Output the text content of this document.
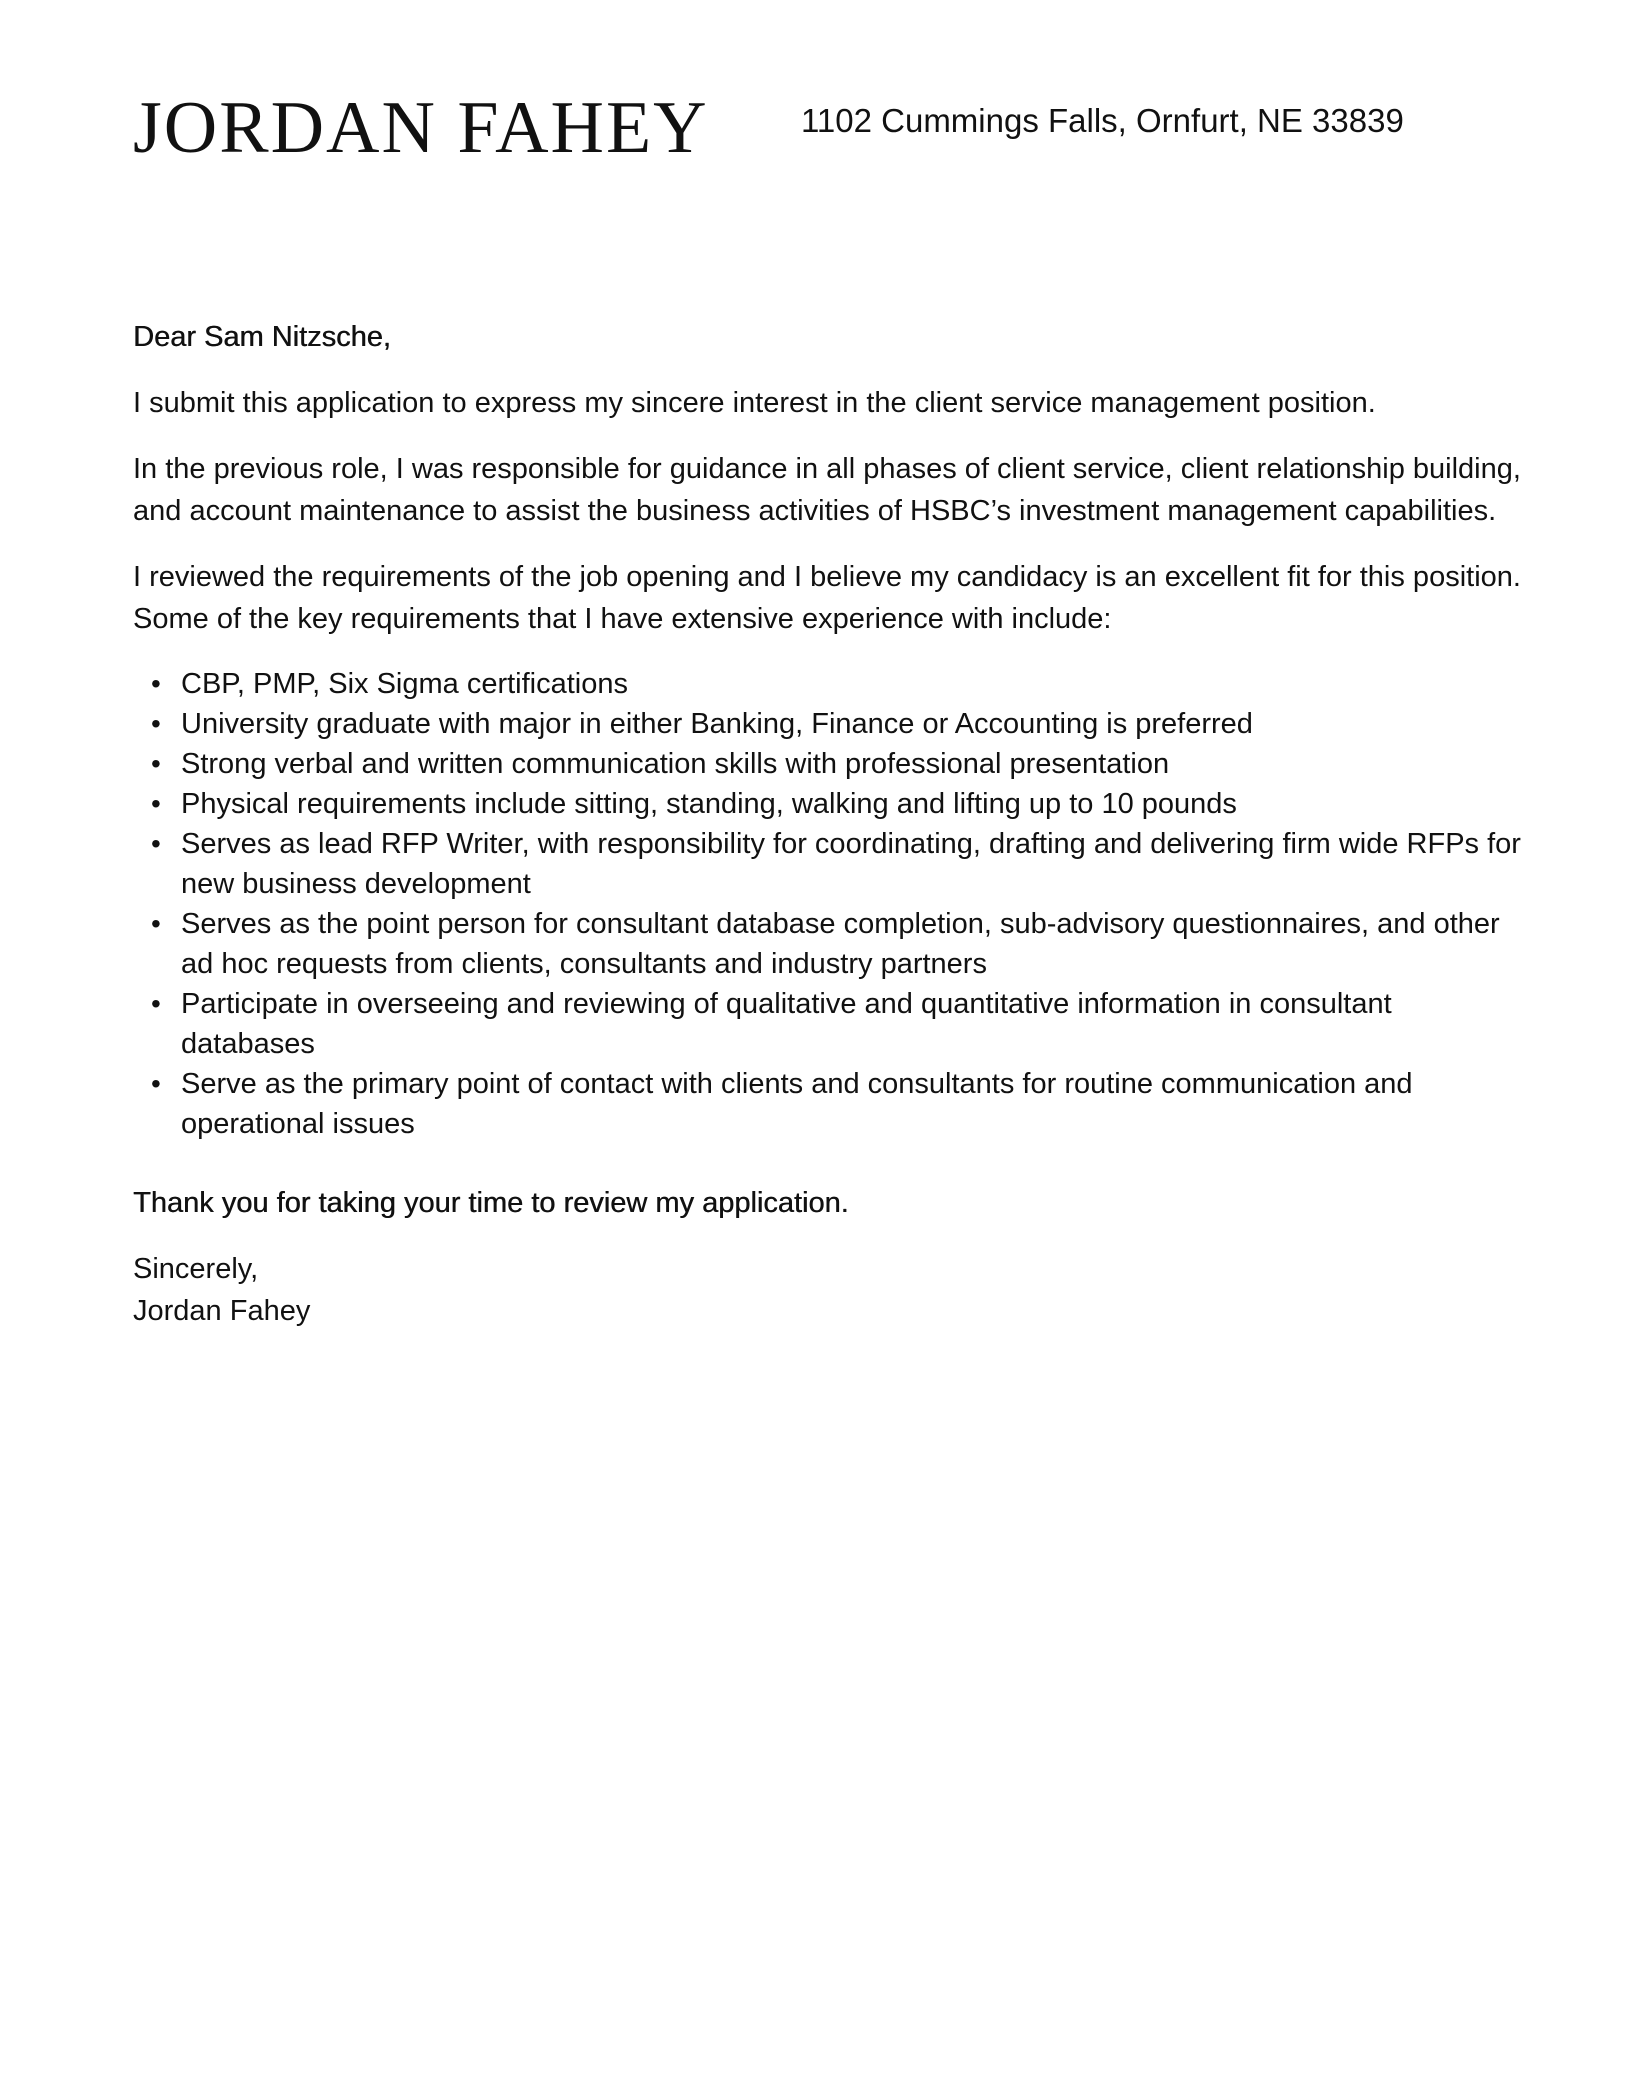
JORDAN FAHEY	1102 Cummings Falls, Ornfurt, NE 33839

Dear Sam Nitzsche,

I submit this application to express my sincere interest in the client service management position.

In the previous role, I was responsible for guidance in all phases of client service, client relationship building, and account maintenance to assist the business activities of HSBC’s investment management capabilities.

I reviewed the requirements of the job opening and I believe my candidacy is an excellent fit for this position. Some of the key requirements that I have extensive experience with include:

• CBP, PMP, Six Sigma certifications
• University graduate with major in either Banking, Finance or Accounting is preferred
• Strong verbal and written communication skills with professional presentation
• Physical requirements include sitting, standing, walking and lifting up to 10 pounds
• Serves as lead RFP Writer, with responsibility for coordinating, drafting and delivering firm wide RFPs for new business development
• Serves as the point person for consultant database completion, sub-advisory questionnaires, and other ad hoc requests from clients, consultants and industry partners
• Participate in overseeing and reviewing of qualitative and quantitative information in consultant databases
• Serve as the primary point of contact with clients and consultants for routine communication and operational issues

Thank you for taking your time to review my application.

Sincerely,
Jordan Fahey
